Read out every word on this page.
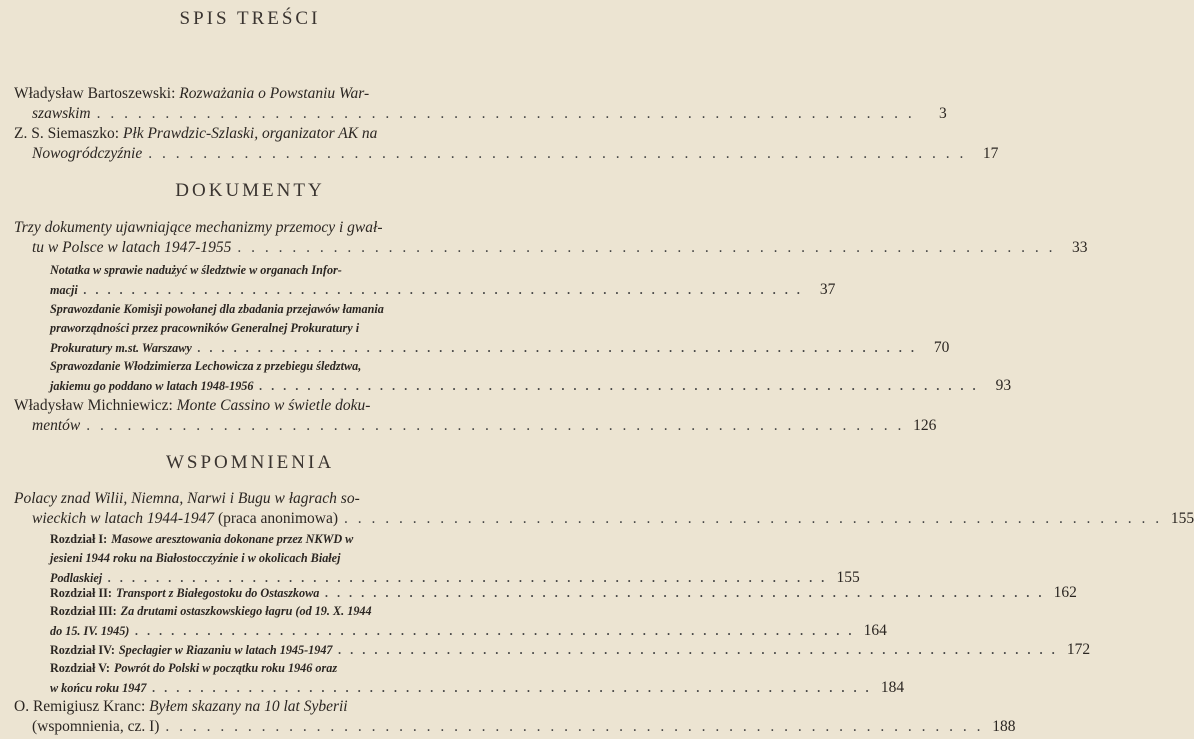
SPIS TREŚCI
Władysław Bartoszewski: Rozważania o Powstaniu War-
szawskim . . .	3
Z. S. Siemaszko: Płk Prawdzic-Szlaski, organizator AK na
Nowogródczyźnie . . .	17
DOKUMENTY
Trzy dokumenty ujawniające mechanizmy przemocy i gwał-
tu w Polsce w latach 1947-1955 . . .	33
Notatka w sprawie nadużyć w śledztwie w organach Infor-
macji . . .	37
Sprawozdanie Komisji powołanej dla zbadania przejawów łamania
praworządności przez pracowników Generalnej Prokuratury i
Prokuratury m.st. Warszawy . . .	70
Sprawozdanie Włodzimierza Lechowicza z przebiegu śledztwa,
jakiemu go poddano w latach 1948-1956 . . .	93
Władysław Michniewicz: Monte Cassino w świetle doku-
mentów . . .	126
WSPOMNIENIA
Polacy znad Wilii, Niemna, Narwi i Bugu w łagrach so-
wieckich w latach 1944-1947 (praca anonimowa) . . .	155
Rozdział I: Masowe aresztowania dokonane przez NKWD w
jesieni 1944 roku na Białostocczyźnie i w okolicach Białej
Podlaskiej . . .	155
Rozdział II: Transport z Białegostoku do Ostaszkowa . . .	162
Rozdział III: Za drutami ostaszkowskiego łagru (od 19. X. 1944
do 15. IV. 1945) . . .	164
Rozdział IV: Specłagier w Riazaniu w latach 1945-1947 . . .	172
Rozdział V: Powrót do Polski w początku roku 1946 oraz
w końcu roku 1947 . . .	184
O. Remigiusz Kranc: Byłem skazany na 10 lat Syberii
(wspomnienia, cz. I) . . .	188
